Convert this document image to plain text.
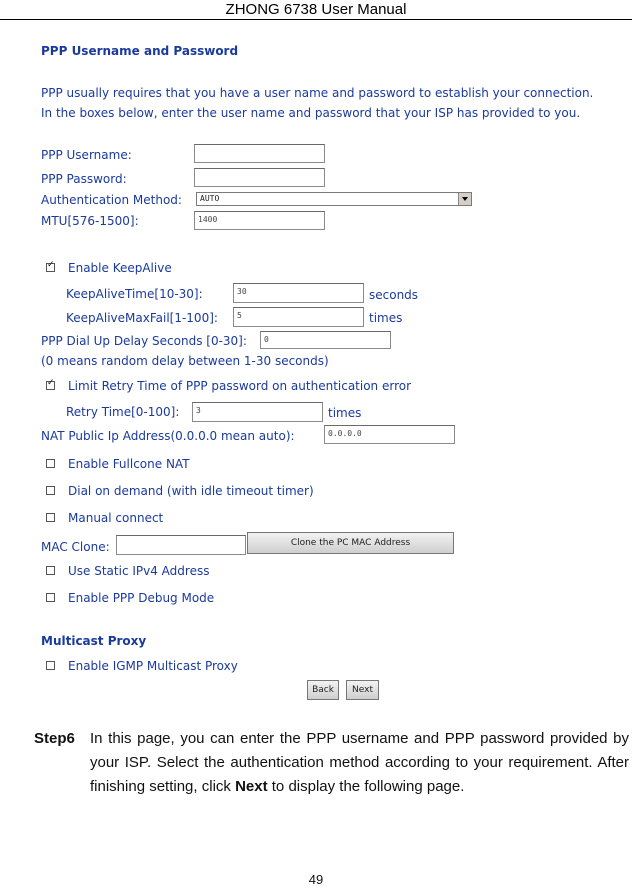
ZHONG 6738 User Manual
PPP Username and Password
PPP usually requires that you have a user name and password to establish your connection.
In the boxes below, enter the user name and password that your ISP has provided to you.
PPP Username:
PPP Password:
Authentication Method:	AUTO
MTU[576-1500]:	1400
✓
Enable KeepAlive
KeepAliveTime[10-30]:	30	seconds
KeepAliveMaxFail[1-100]:	5	times
PPP Dial Up Delay Seconds [0-30]:	0
(0 means random delay between 1-30 seconds)
✓
Limit Retry Time of PPP password on authentication error
Retry Time[0-100]:	3	times
NAT Public Ip Address(0.0.0.0 mean auto):	0.0.0.0
Enable Fullcone NAT
Dial on demand (with idle timeout timer)
Manual connect
MAC Clone:	Clone the PC MAC Address
Use Static IPv4 Address
Enable PPP Debug Mode
Multicast Proxy
Enable IGMP Multicast Proxy
Back	Next
Step6 In this page, you can enter the PPP username and PPP password provided by your ISP. Select the authentication method according to your requirement. After finishing setting, click Next to display the following page.
49
